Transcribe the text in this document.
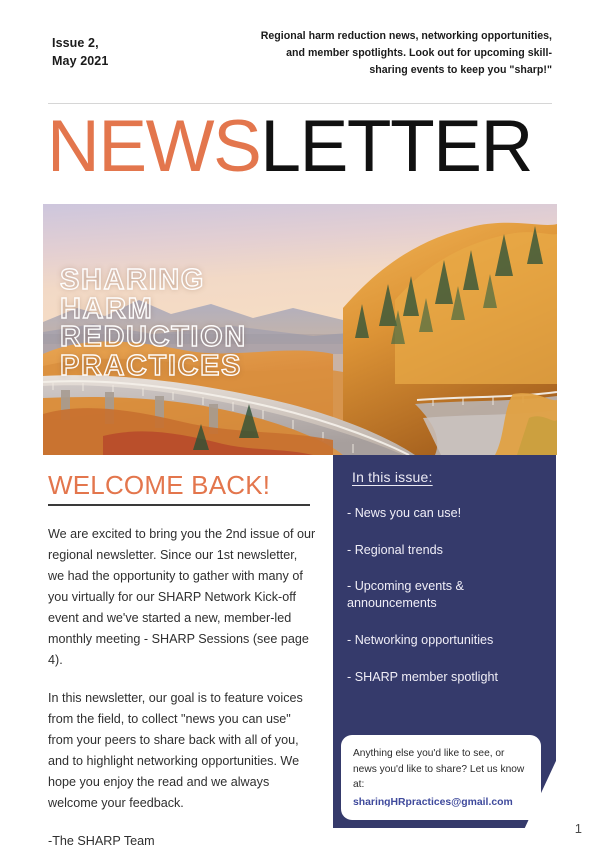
Issue 2,
May 2021
Regional harm reduction news, networking opportunities, and member spotlights. Look out for upcoming skill-sharing events to keep you "sharp!"
NEWSLETTER
SHARING
HARM
REDUCTION
PRACTICES
WELCOME BACK!

We are excited to bring you the 2nd issue of our regional newsletter. Since our 1st newsletter, we had the opportunity to gather with many of you virtually for our SHARP Network Kick-off event and we've started a new, member-led monthly meeting - SHARP Sessions (see page 4).

In this newsletter, our goal is to feature voices from the field, to collect "news you can use" from your peers to share back with all of you, and to highlight networking opportunities. We hope you enjoy the read and we always welcome your feedback.

-The SHARP Team

In this issue:
- News you can use!
- Regional trends
- Upcoming events & announcements
- Networking opportunities
- SHARP member spotlight
Anything else you'd like to see, or news you'd like to share? Let us know at:
sharingHRpractices@gmail.com
1
